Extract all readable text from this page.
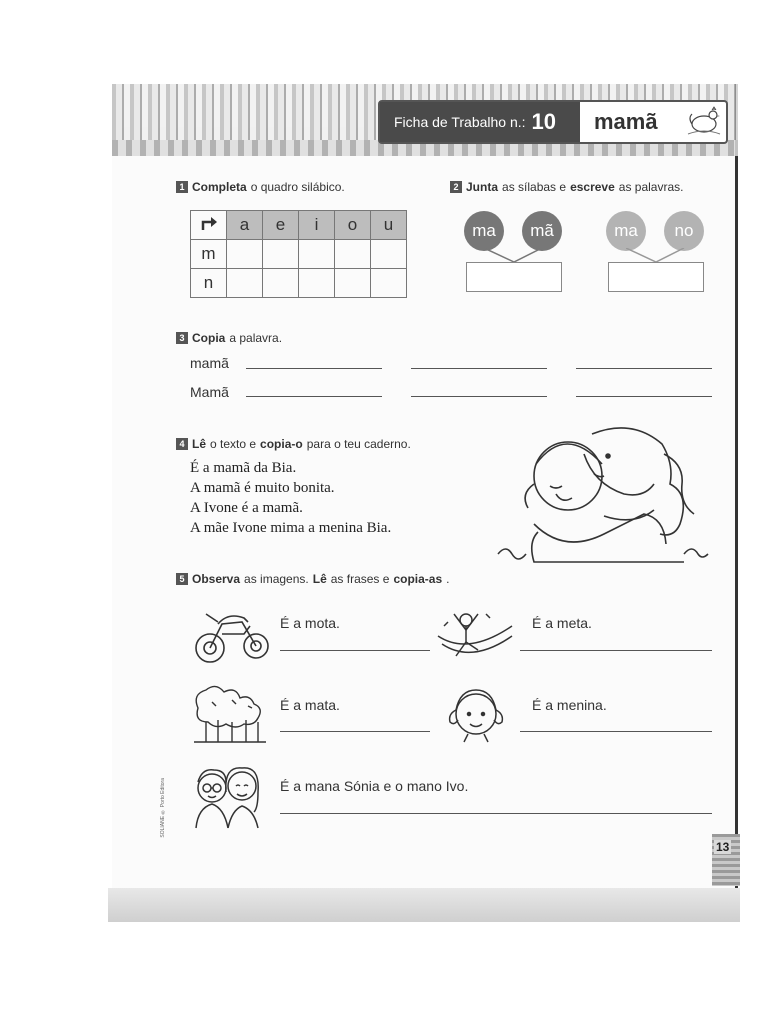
Ficha de Trabalho n.: 10	mamã
1 Completa o quadro silábico.
	a	e	i	o	u
m					
n					
2 Junta as sílabas e escreve as palavras.
ma	mã	ma	no
3 Copia a palavra.
mamã
Mamã
4 Lê o texto e copia-o para o teu caderno.
É a mamã da Bia.
A mamã é muito bonita.
A Ivone é a mamã.
A mãe Ivone mima a menina Bia.
5 Observa as imagens. Lê as frases e copia-as .
É a mota.	É a meta.
É a mata.	É a menina.
É a mana Sónia e o mano Ivo.
SOLIANE ® Porto Editora
13
